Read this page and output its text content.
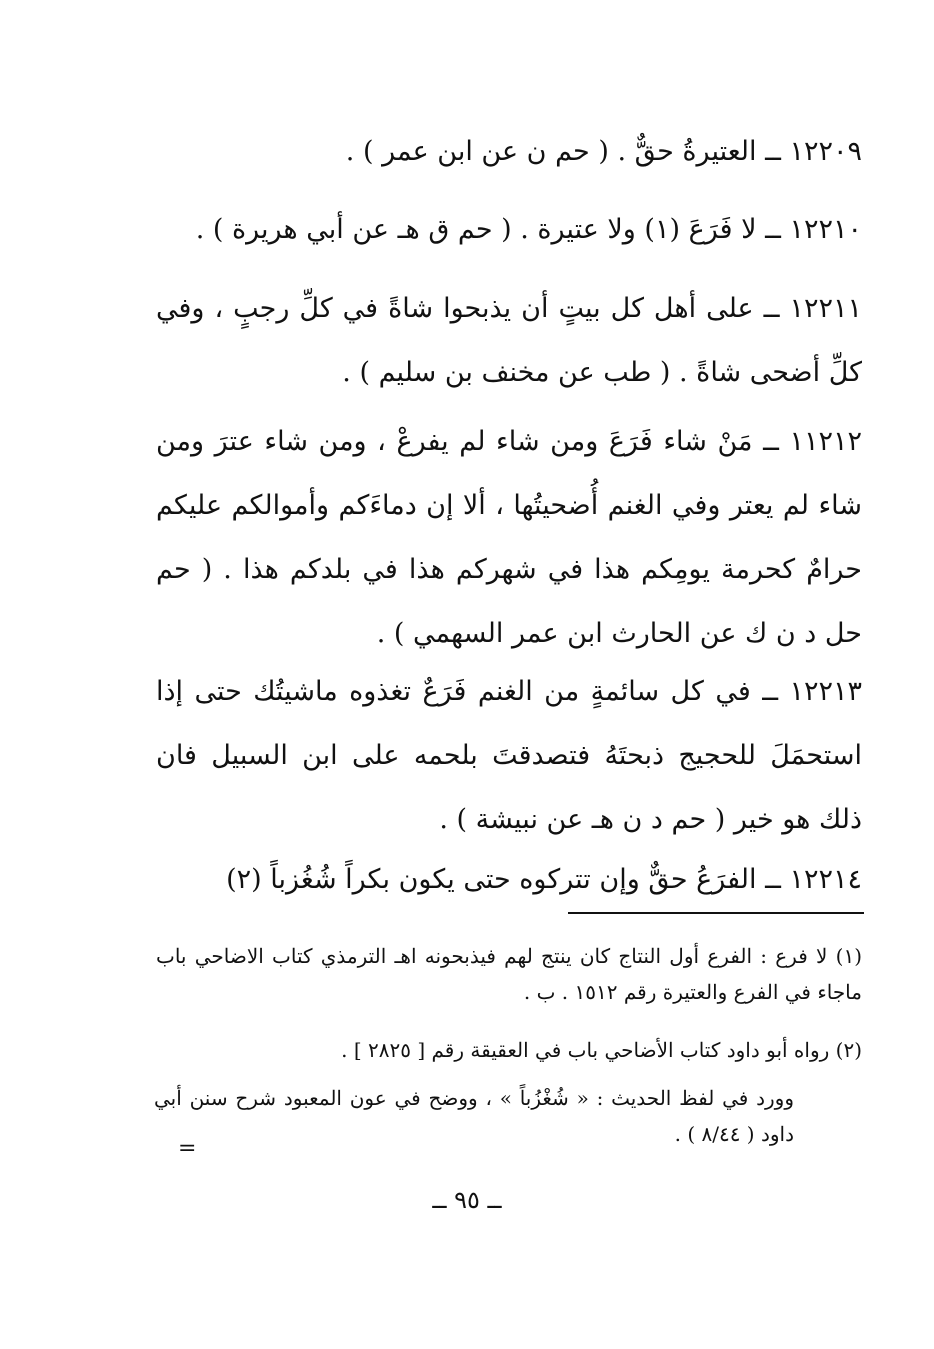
١٢٢٠٩ ــ العتيرةُ حقٌّ . ( حم ن عن ابن عمر ) .
١٢٢١٠ ــ لا فَرَعَ (١) ولا عتيرة . ( حم ق هـ عن أبي هريرة ) .
١٢٢١١ ــ على أهل كل بيتٍ أن يذبحوا شاةً في كلِّ رجبٍ ، وفي كلِّ أضحى شاةً . ( طب عن مخنف بن سليم ) .
١١٢١٢ ــ مَنْ شاء فَرَعَ ومن شاء لم يفرعْ ، ومن شاء عترَ ومن شاء لم يعتر وفي الغنم أُضحيتُها ، ألا إن دماءَكم وأموالكم عليكم حرامٌ كحرمة يومِكم هذا في شهركم هذا في بلدكم هذا . ( حم حل د ن ك عن الحارث ابن عمر السهمي ) .
١٢٢١٣ ــ في كل سائمةٍ من الغنم فَرَعٌ تغذوه ماشيتُك حتى إذا استحمَلَ للحجيج ذبحتَهُ فتصدقتَ بلحمه على ابن السبيل فان ذلك هو خير ( حم د ن هـ عن نبيشة ) .
١٢٢١٤ ــ الفرَعُ حقٌّ وإن تتركوه حتى يكون بكراً شُغُزباً (٢)
(١) لا فرع : الفرع أول النتاج كان ينتج لهم فيذبحونه اهـ الترمذي كتاب الاضاحي باب ماجاء في الفرع والعتيرة رقم ١٥١٢ . ب .
(٢) رواه أبو داود كتاب الأضاحي باب في العقيقة رقم [ ٢٨٢٥ ] .
وورد في لفظ الحديث : « شُغْزُباً » ، ووضح في عون المعبود شرح سنن أبي داود ( ٨/٤٤ ) .
=
ــ ٩٥ ــ
